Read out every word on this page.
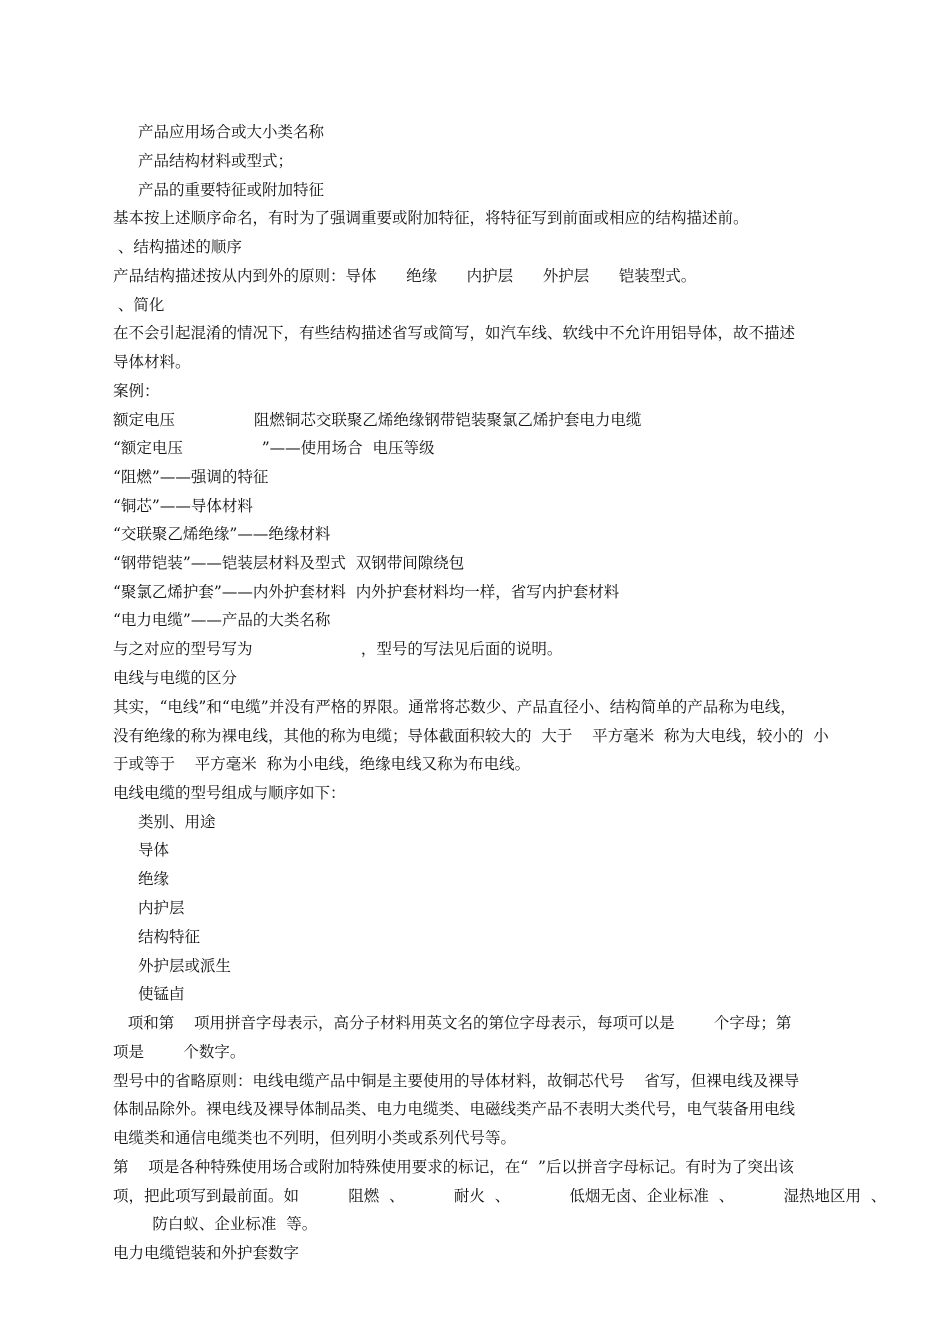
产品应用场合或大小类名称
产品结构材料或型式；
产品的重要特征或附加特征
基本按上述顺序命名，有时为了强调重要或附加特征，将特征写到前面或相应的结构描述前。
、结构描述的顺序
产品结构描述按从内到外的原则：导体      绝缘      内护层      外护层      铠装型式。
、简化
在不会引起混淆的情况下，有些结构描述省写或简写，如汽车线、软线中不允许用铝导体，故不描述
导体材料。
案例：
额定电压                阻燃铜芯交联聚乙烯绝缘钢带铠装聚氯乙烯护套电力电缆
“额定电压                ”——使用场合  电压等级
“阻燃”——强调的特征
“铜芯”——导体材料
“交联聚乙烯绝缘”——绝缘材料
“钢带铠装”——铠装层材料及型式  双钢带间隙绕包
“聚氯乙烯护套”——内外护套材料  内外护套材料均一样，省写内护套材料
“电力电缆”——产品的大类名称
与之对应的型号写为                      ，型号的写法见后面的说明。
电线与电缆的区分
其实，“电线”和“电缆”并没有严格的界限。通常将芯数少、产品直径小、结构简单的产品称为电线，
没有绝缘的称为裸电线，其他的称为电缆；导体截面积较大的  大于    平方毫米  称为大电线，较小的  小
于或等于    平方毫米  称为小电线，绝缘电线又称为布电线。
电线电缆的型号组成与顺序如下：
类别、用途
导体
绝缘
内护层
结构特征
外护层或派生
使锰卣
项和第    项用拼音字母表示，高分子材料用英文名的第位字母表示，每项可以是        个字母；第
项是        个数字。
型号中的省略原则：电线电缆产品中铜是主要使用的导体材料，故铜芯代号    省写，但裸电线及裸导
体制品除外。裸电线及裸导体制品类、电力电缆类、电磁线类产品不表明大类代号，电气装备用电线
电缆类和通信电缆类也不列明，但列明小类或系列代号等。
第    项是各种特殊使用场合或附加特殊使用要求的标记，在“  ”后以拼音字母标记。有时为了突出该
项，把此项写到最前面。如          阻燃  、          耐火  、            低烟无卤、企业标准  、          湿热地区用  、
防白蚁、企业标准  等。
电力电缆铠装和外护套数字
